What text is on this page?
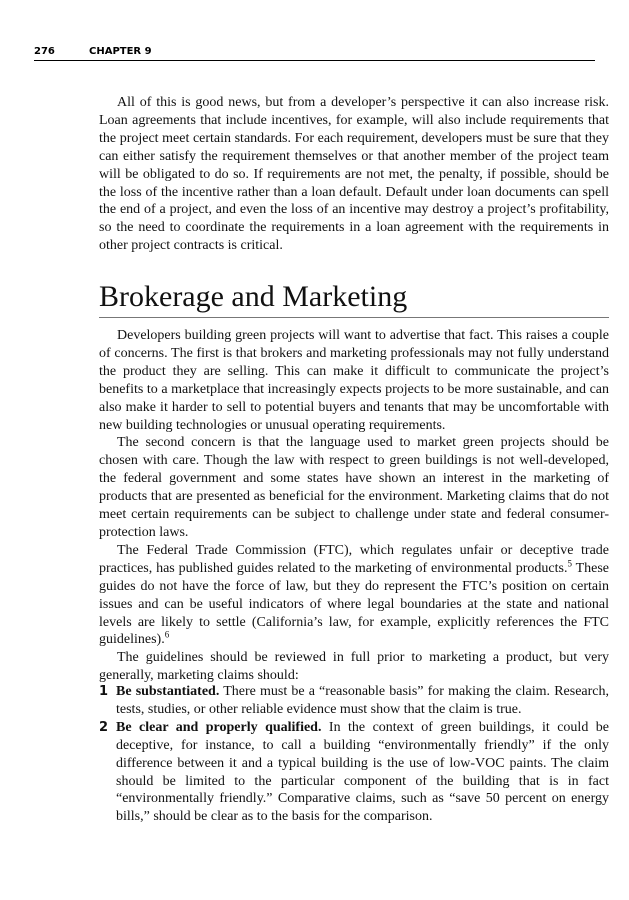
276	CHAPTER 9

All of this is good news, but from a developer’s perspective it can also increase risk. Loan agreements that include incentives, for example, will also include requirements that the project meet certain standards. For each requirement, developers must be sure that they can either satisfy the requirement themselves or that another member of the project team will be obligated to do so. If requirements are not met, the penalty, if possible, should be the loss of the incentive rather than a loan default. Default under loan documents can spell the end of a project, and even the loss of an incentive may destroy a project’s profitability, so the need to coordinate the requirements in a loan agreement with the requirements in other project contracts is critical.

Brokerage and Marketing

Developers building green projects will want to advertise that fact. This raises a couple of concerns. The first is that brokers and marketing professionals may not fully understand the product they are selling. This can make it difficult to communicate the project’s benefits to a marketplace that increasingly expects projects to be more sustainable, and can also make it harder to sell to potential buyers and tenants that may be uncomfortable with new building technologies or unusual operating requirements.

The second concern is that the language used to market green projects should be chosen with care. Though the law with respect to green buildings is not well-developed, the federal government and some states have shown an interest in the marketing of products that are presented as beneficial for the environment. Marketing claims that do not meet certain requirements can be subject to challenge under state and federal consumer-protection laws.

The Federal Trade Commission (FTC), which regulates unfair or deceptive trade practices, has published guides related to the marketing of environmental products.$^5$ These guides do not have the force of law, but they do represent the FTC’s position on certain issues and can be useful indicators of where legal boundaries at the state and national levels are likely to settle (California’s law, for example, explicitly references the FTC guidelines).$^6$

The guidelines should be reviewed in full prior to marketing a product, but very generally, marketing claims should:

1 Be substantiated. There must be a “reasonable basis” for making the claim. Research, tests, studies, or other reliable evidence must show that the claim is true.
2 Be clear and properly qualified. In the context of green buildings, it could be deceptive, for instance, to call a building “environmentally friendly” if the only difference between it and a typical building is the use of low-VOC paints. The claim should be limited to the particular component of the building that is in fact “environmentally friendly.” Comparative claims, such as “save 50 percent on energy bills,” should be clear as to the basis for the comparison.
